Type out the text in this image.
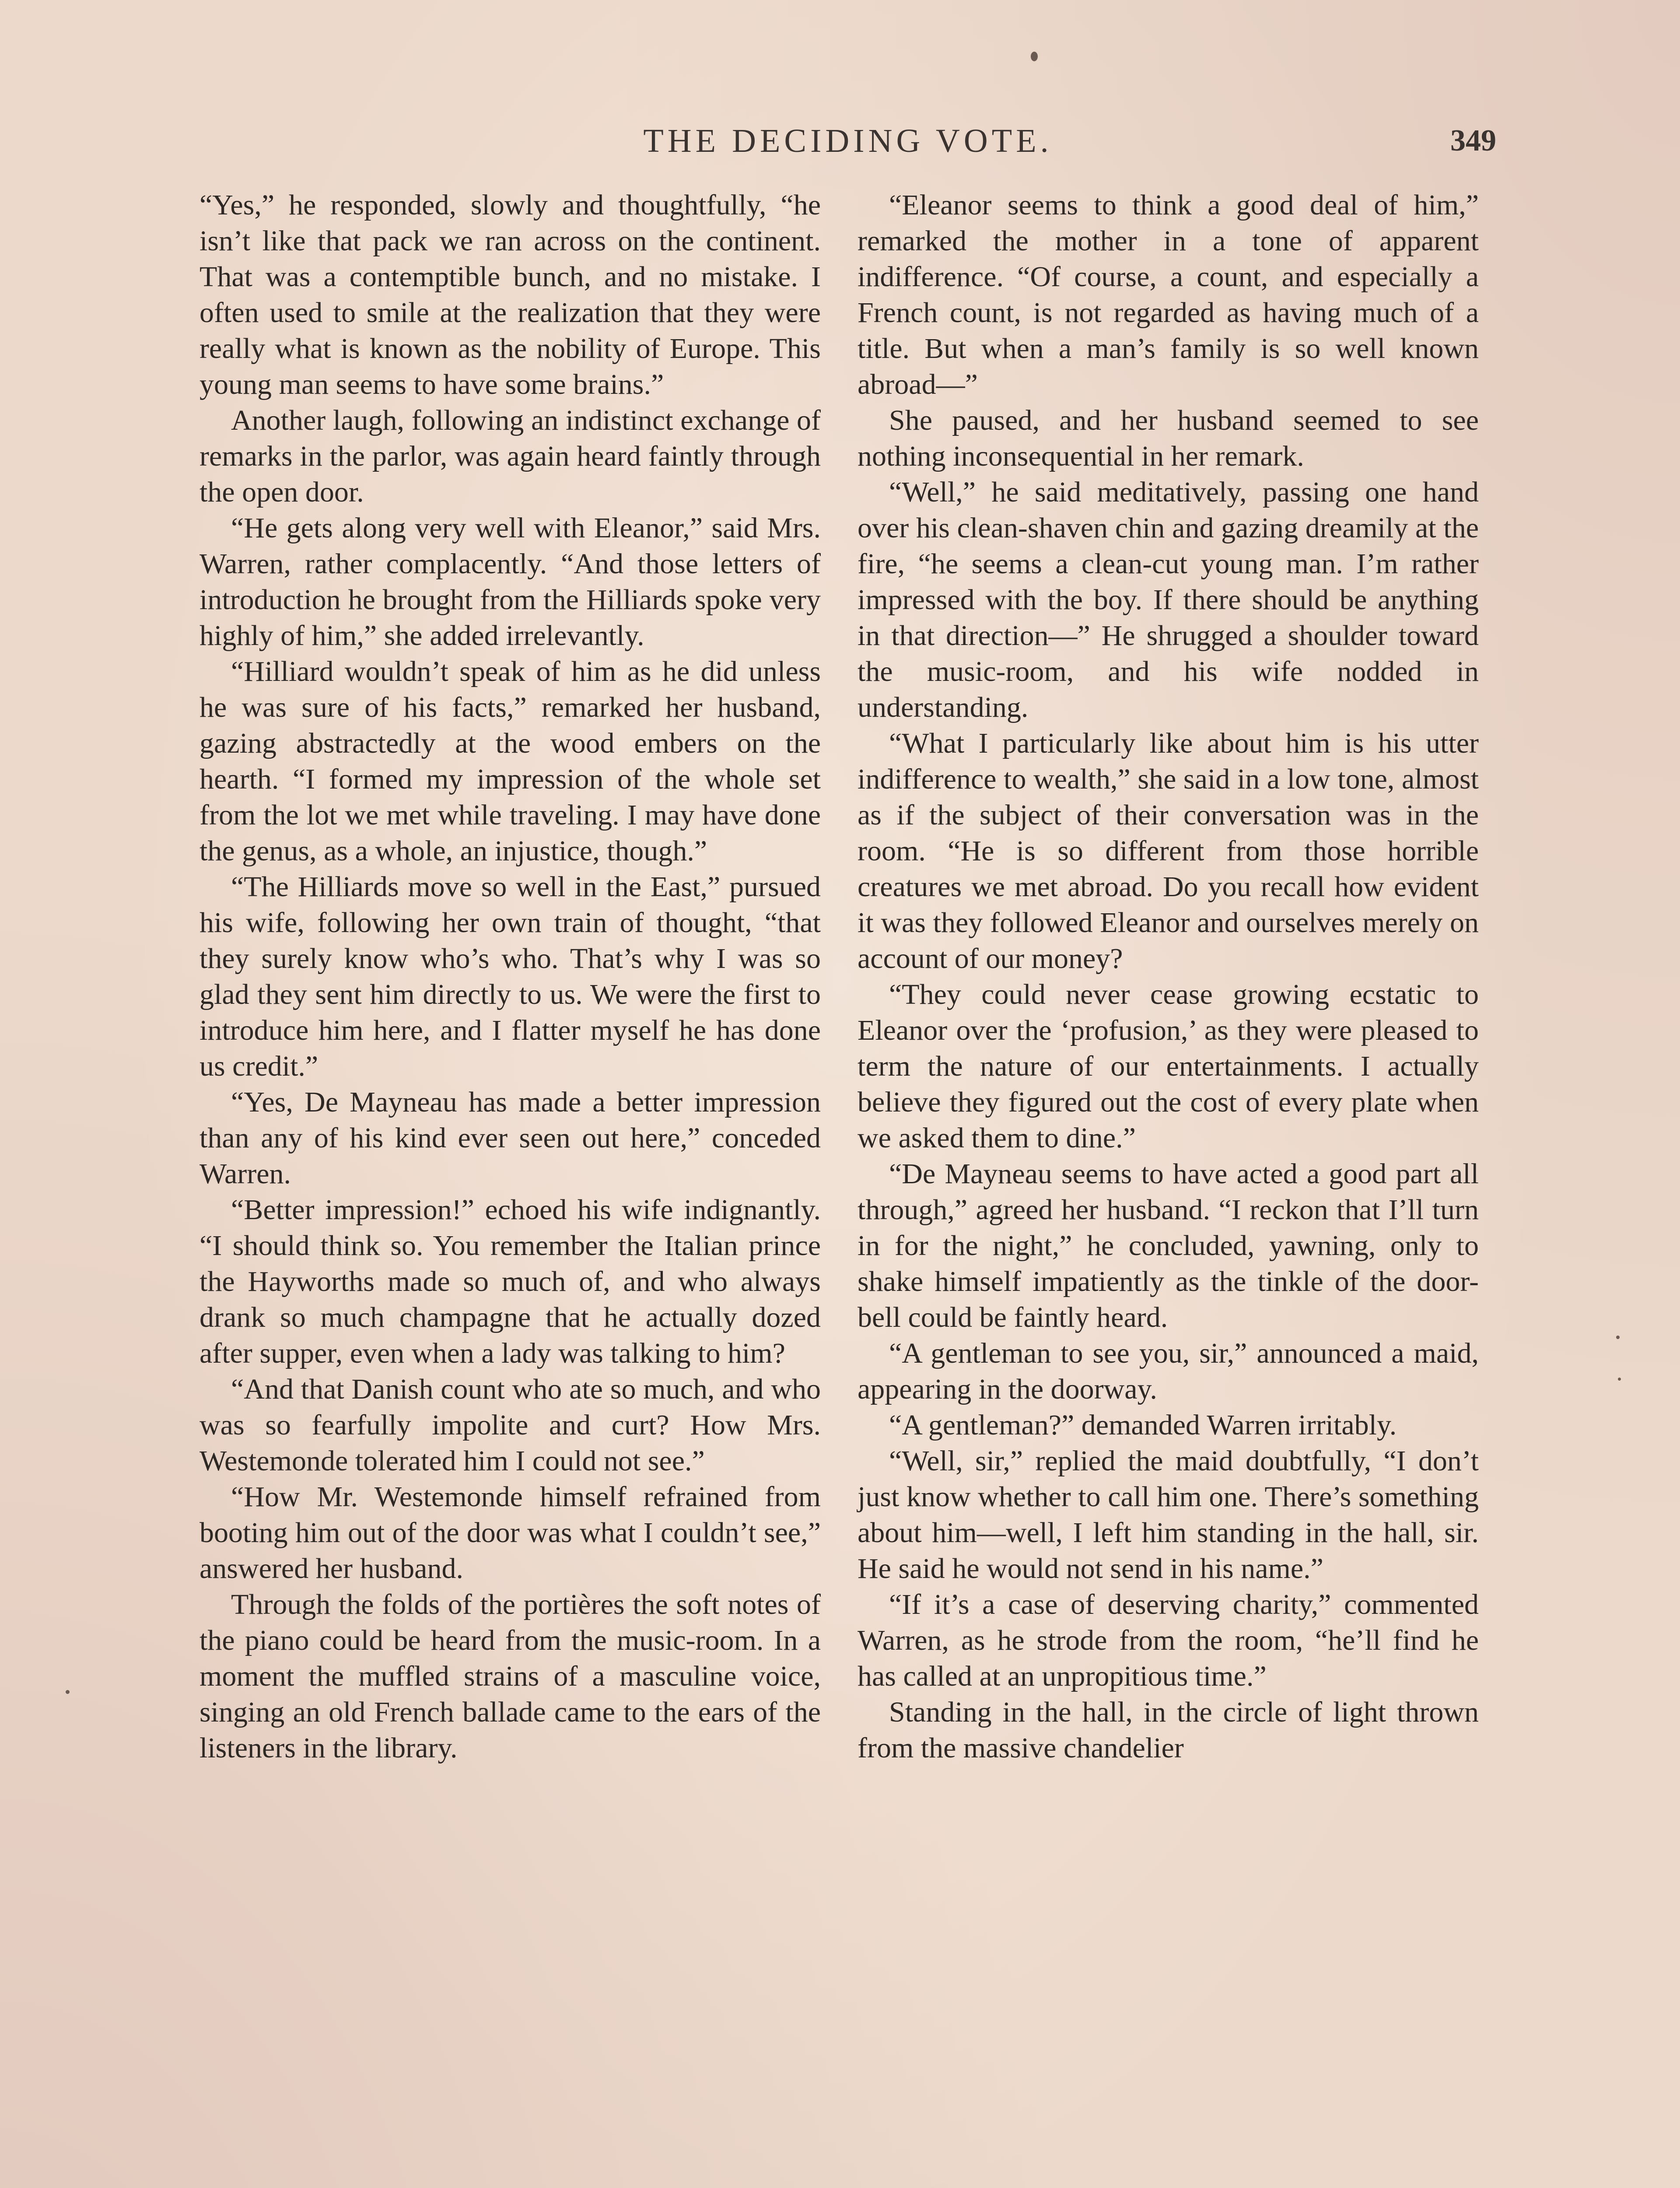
THE DECIDING VOTE.	349

“Yes,” he responded, slowly and thoughtfully, “he isn’t like that pack we ran across on the continent. That was a contemptible bunch, and no mistake. I often used to smile at the realization that they were really what is known as the nobility of Europe. This young man seems to have some brains.”

Another laugh, following an indistinct exchange of remarks in the parlor, was again heard faintly through the open door.

“He gets along very well with Eleanor,” said Mrs. Warren, rather complacently. “And those letters of introduction he brought from the Hilliards spoke very highly of him,” she added irrelevantly.

“Hilliard wouldn’t speak of him as he did unless he was sure of his facts,” remarked her husband, gazing abstractedly at the wood embers on the hearth. “I formed my impression of the whole set from the lot we met while traveling. I may have done the genus, as a whole, an injustice, though.”

“The Hilliards move so well in the East,” pursued his wife, following her own train of thought, “that they surely know who’s who. That’s why I was so glad they sent him directly to us. We were the first to introduce him here, and I flatter myself he has done us credit.”

“Yes, De Mayneau has made a better impression than any of his kind ever seen out here,” conceded Warren.

“Better impression!” echoed his wife indignantly. “I should think so. You remember the Italian prince the Hayworths made so much of, and who always drank so much champagne that he actually dozed after supper, even when a lady was talking to him?

“And that Danish count who ate so much, and who was so fearfully impolite and curt? How Mrs. Westemonde tolerated him I could not see.”

“How Mr. Westemonde himself refrained from booting him out of the door was what I couldn’t see,” answered her husband.

Through the folds of the portières the soft notes of the piano could be heard from the music-room. In a moment the muffled strains of a masculine voice, singing an old French ballade came to the ears of the listeners in the library.

“Eleanor seems to think a good deal of him,” remarked the mother in a tone of apparent indifference. “Of course, a count, and especially a French count, is not regarded as having much of a title. But when a man’s family is so well known abroad—”

She paused, and her husband seemed to see nothing inconsequential in her remark.

“Well,” he said meditatively, passing one hand over his clean-shaven chin and gazing dreamily at the fire, “he seems a clean-cut young man. I’m rather impressed with the boy. If there should be anything in that direction—” He shrugged a shoulder toward the music-room, and his wife nodded in understanding.

“What I particularly like about him is his utter indifference to wealth,” she said in a low tone, almost as if the subject of their conversation was in the room. “He is so different from those horrible creatures we met abroad. Do you recall how evident it was they followed Eleanor and ourselves merely on account of our money?

“They could never cease growing ecstatic to Eleanor over the ‘profusion,’ as they were pleased to term the nature of our entertainments. I actually believe they figured out the cost of every plate when we asked them to dine.”

“De Mayneau seems to have acted a good part all through,” agreed her husband. “I reckon that I’ll turn in for the night,” he concluded, yawning, only to shake himself impatiently as the tinkle of the door-bell could be faintly heard.

“A gentleman to see you, sir,” announced a maid, appearing in the doorway.

“A gentleman?” demanded Warren irritably.

“Well, sir,” replied the maid doubtfully, “I don’t just know whether to call him one. There’s something about him—well, I left him standing in the hall, sir. He said he would not send in his name.”

“If it’s a case of deserving charity,” commented Warren, as he strode from the room, “he’ll find he has called at an unpropitious time.”

Standing in the hall, in the circle of light thrown from the massive chandelier
